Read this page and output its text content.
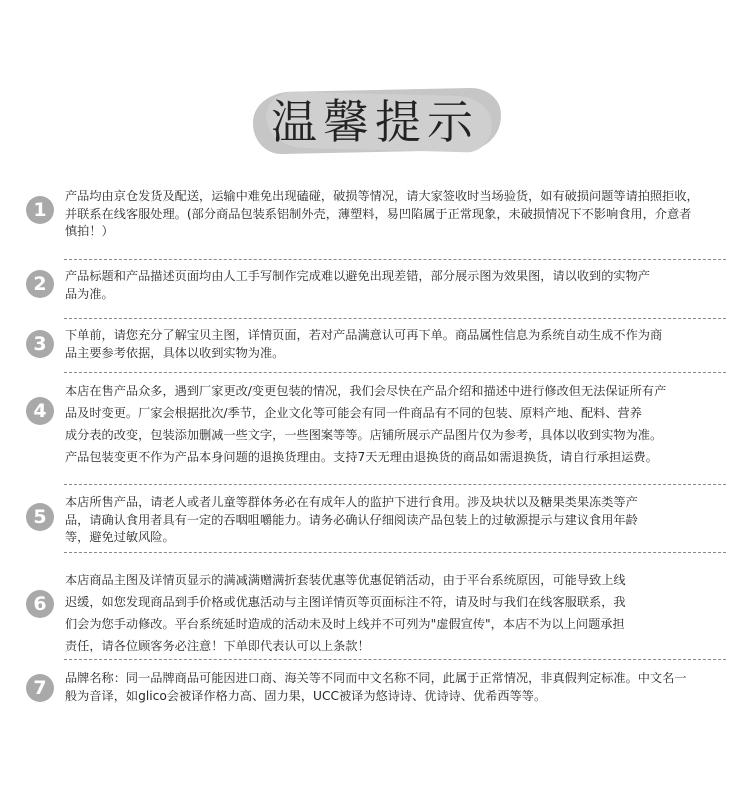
温馨提示
1

产品均由京仓发货及配送，运输中难免出现磕碰，破损等情况，请大家签收时当场验货，如有破损问题等请拍照拒收，

并联系在线客服处理。(部分商品包装系铝制外壳，薄塑料，易凹陷属于正常现象，未破损情况下不影响食用，介意者

慎拍！）

2	产品标题和产品描述页面均由人工手写制作完成难以避免出现差错，部分展示图为效果图，请以收到的实物产

品为准。

3	下单前，请您充分了解宝贝主图，详情页面，若对产品满意认可再下单。商品属性信息为系统自动生成不作为商

品主要参考依据，具体以收到实物为准。

4

本店在售产品众多，遇到厂家更改/变更包装的情况，我们会尽快在产品介绍和描述中进行修改但无法保证所有产

品及时变更。厂家会根据批次/季节，企业文化等可能会有同一件商品有不同的包装、原料产地、配料、营养

成分表的改变，包装添加删减一些文字，一些图案等等。店铺所展示产品图片仅为参考，具体以收到实物为准。

产品包装变更不作为产品本身问题的退换货理由。支持7天无理由退换货的商品如需退换货，请自行承担运费。

5

本店所售产品，请老人或者儿童等群体务必在有成年人的监护下进行食用。涉及块状以及糖果类果冻类等产

品，请确认食用者具有一定的吞咽咀嚼能力。请务必确认仔细阅读产品包装上的过敏源提示与建议食用年龄

等，避免过敏风险。

6

本店商品主图及详情页显示的满减满赠满折套装优惠等优惠促销活动，由于平台系统原因，可能导致上线

迟缓，如您发现商品到手价格或优惠活动与主图详情页等页面标注不符，请及时与我们在线客服联系，我

们会为您手动修改。平台系统延时造成的活动未及时上线并不可列为"虚假宣传"，本店不为以上问题承担

责任，请各位顾客务必注意！下单即代表认可以上条款！

7	品牌名称：同一品牌商品可能因进口商、海关等不同而中文名称不同，此属于正常情况，非真假判定标准。中文名一

般为音译，如glico会被译作格力高、固力果，UCC被译为悠诗诗、优诗诗、优希西等等。
